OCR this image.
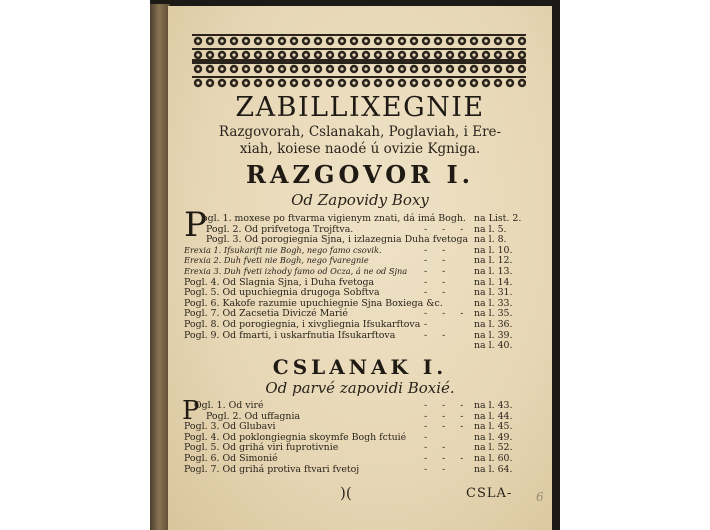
ZABILLIXEGNIE
Razgovorah, Cslanakah, Poglaviah, i Ere-
xiah, koiese naodé ú ovizie Kgniga.
RAZGOVOR I.
Od Zapovidy Boxy
P
ogl. 1. moxese po ftvarma vigienym znati, dá imá Bogh. na List. 2.
Pogl. 2. Od prifvetoga Trojftva.	- - - na l. 5.
Pogl. 3. Od porogiegnia Sjna, i izlazegnia Duha fvetoga na l. 8.
Erexia 1. Ifsukarift nie Bogh, nego famo csovik.	- - na l. 10.
Erexia 2. Duh fveti nie Bogh, nego fvaregnie	- - na l. 12.
Erexia 3. Duh fveti izhody famo od Ocza, á ne od Sjna - - na l. 13.
Pogl. 4. Od Slagnia Sjna, i Duha fvetoga	- - na l. 14.
Pogl. 5. Od upuchiegnia drugoga Sobftva	- - na l. 31.
Pogl. 6. Kakofe razumie upuchiegnie Sjna Boxiega &c.	na l. 33.
Pogl. 7. Od Zacsetia Diviczé Marié	- - - na l. 35.
Pogl. 8. Od porogiegnia, i xivgliegnia Ifsukarftova -	na l. 36.
Pogl. 9. Od fmarti, i uskarfnutia Ifsukarftova	- - na l. 39.
na l. 40.
CSLANAK I.
Od parvé zapovidi Boxié.
P
Ogl. 1. Od viré	- - - na l. 43.
Pogl. 2. Od uffagnia	- - - na l. 44.
Pogl. 3. Od Glubavi	- - - na l. 45.
Pogl. 4. Od poklongiegnia skoymfe Bogh fctuié -	na l. 49.
Pogl. 5. Od grihá viri fuprotivnie	- - na l. 52.
Pogl. 6. Od Simonié	- - - na l. 60.
Pogl. 7. Od grihá protiva ftvari fvetoj	- - na l. 64.
)(	CSLA- 6
